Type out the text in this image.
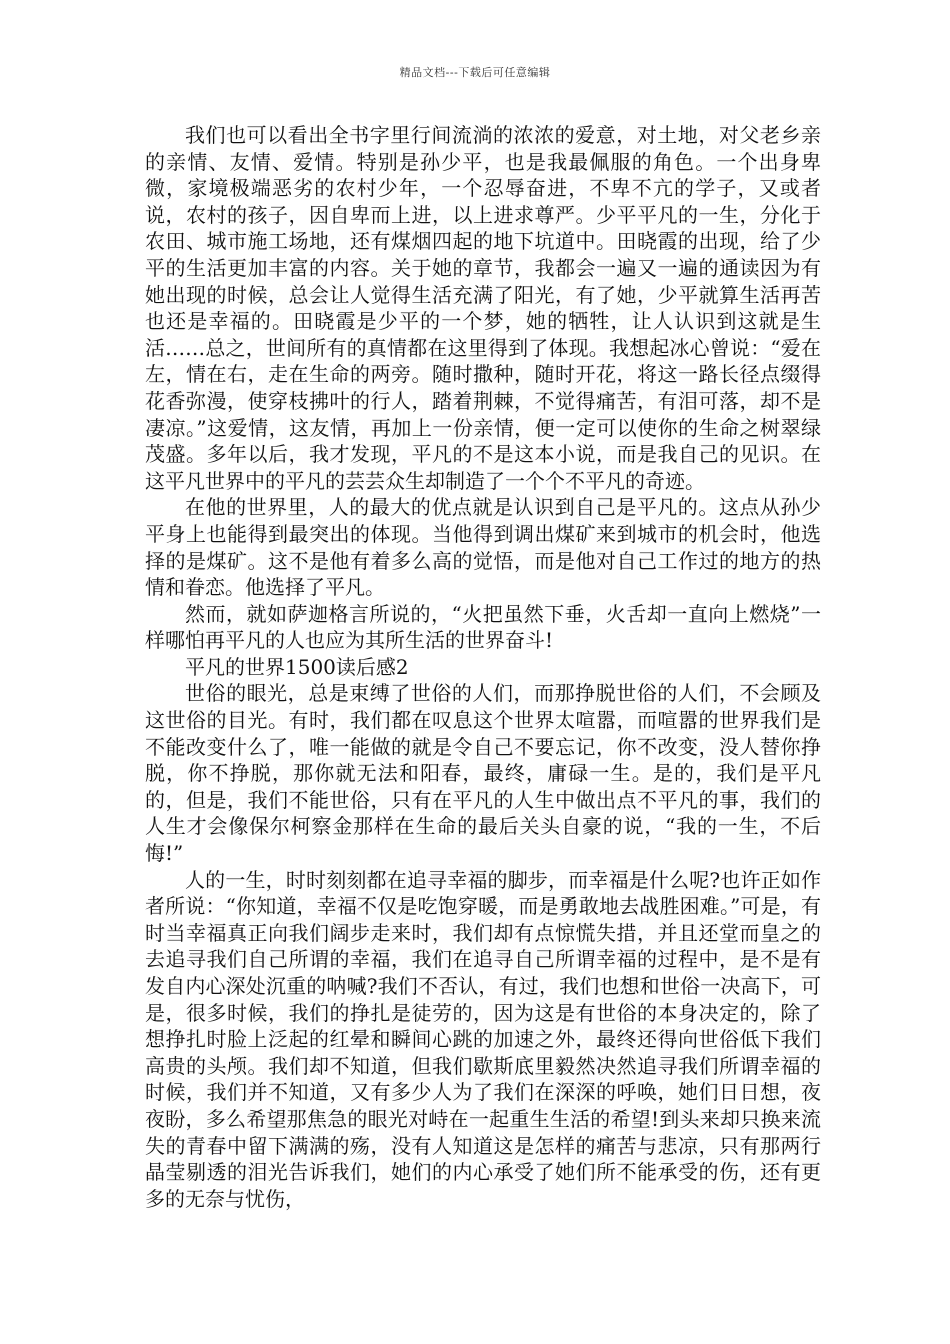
精品文档---下载后可任意编辑

我们也可以看出全书字里行间流淌的浓浓的爱意，对土地，对父老乡亲的亲情、友情、爱情。特别是孙少平，也是我最佩服的角色。一个出身卑微，家境极端恶劣的农村少年，一个忍辱奋进，不卑不亢的学子，又或者说，农村的孩子，因自卑而上进，以上进求尊严。少平平凡的一生，分化于农田、城市施工场地，还有煤烟四起的地下坑道中。田晓霞的出现，给了少平的生活更加丰富的内容。关于她的章节，我都会一遍又一遍的通读因为有她出现的时候，总会让人觉得生活充满了阳光，有了她，少平就算生活再苦也还是幸福的。田晓霞是少平的一个梦，她的牺牲，让人认识到这就是生活……总之，世间所有的真情都在这里得到了体现。我想起冰心曾说：“爱在左，情在右，走在生命的两旁。随时撒种，随时开花，将这一路长径点缀得花香弥漫，使穿枝拂叶的行人，踏着荆棘，不觉得痛苦，有泪可落，却不是凄凉。”这爱情，这友情，再加上一份亲情，便一定可以使你的生命之树翠绿茂盛。多年以后，我才发现，平凡的不是这本小说，而是我自己的见识。在这平凡世界中的平凡的芸芸众生却制造了一个个不平凡的奇迹。

在他的世界里，人的最大的优点就是认识到自己是平凡的。这点从孙少平身上也能得到最突出的体现。当他得到调出煤矿来到城市的机会时，他选择的是煤矿。这不是他有着多么高的觉悟，而是他对自己工作过的地方的热情和眷恋。他选择了平凡。

然而，就如萨迦格言所说的，“火把虽然下垂，火舌却一直向上燃烧”一样哪怕再平凡的人也应为其所生活的世界奋斗!

平凡的世界1500读后感2

世俗的眼光，总是束缚了世俗的人们，而那挣脱世俗的人们，不会顾及这世俗的目光。有时，我们都在叹息这个世界太喧嚣，而喧嚣的世界我们是不能改变什么了，唯一能做的就是令自己不要忘记，你不改变，没人替你挣脱，你不挣脱，那你就无法和阳春，最终，庸碌一生。是的，我们是平凡的，但是，我们不能世俗，只有在平凡的人生中做出点不平凡的事，我们的人生才会像保尔柯察金那样在生命的最后关头自豪的说，“我的一生，不后悔!”

人的一生，时时刻刻都在追寻幸福的脚步，而幸福是什么呢?也许正如作者所说：“你知道，幸福不仅是吃饱穿暖，而是勇敢地去战胜困难。”可是，有时当幸福真正向我们阔步走来时，我们却有点惊慌失措，并且还堂而皇之的去追寻我们自己所谓的幸福，我们在追寻自己所谓幸福的过程中，是不是有发自内心深处沉重的呐喊?我们不否认，有过，我们也想和世俗一决高下，可是，很多时候，我们的挣扎是徒劳的，因为这是有世俗的本身决定的，除了想挣扎时脸上泛起的红晕和瞬间心跳的加速之外，最终还得向世俗低下我们高贵的头颅。我们却不知道，但我们歇斯底里毅然决然追寻我们所谓幸福的时候，我们并不知道，又有多少人为了我们在深深的呼唤，她们日日想，夜夜盼，多么希望那焦急的眼光对峙在一起重生生活的希望!到头来却只换来流失的青春中留下满满的殇，没有人知道这是怎样的痛苦与悲凉，只有那两行晶莹剔透的泪光告诉我们，她们的内心承受了她们所不能承受的伤，还有更多的无奈与忧伤，
